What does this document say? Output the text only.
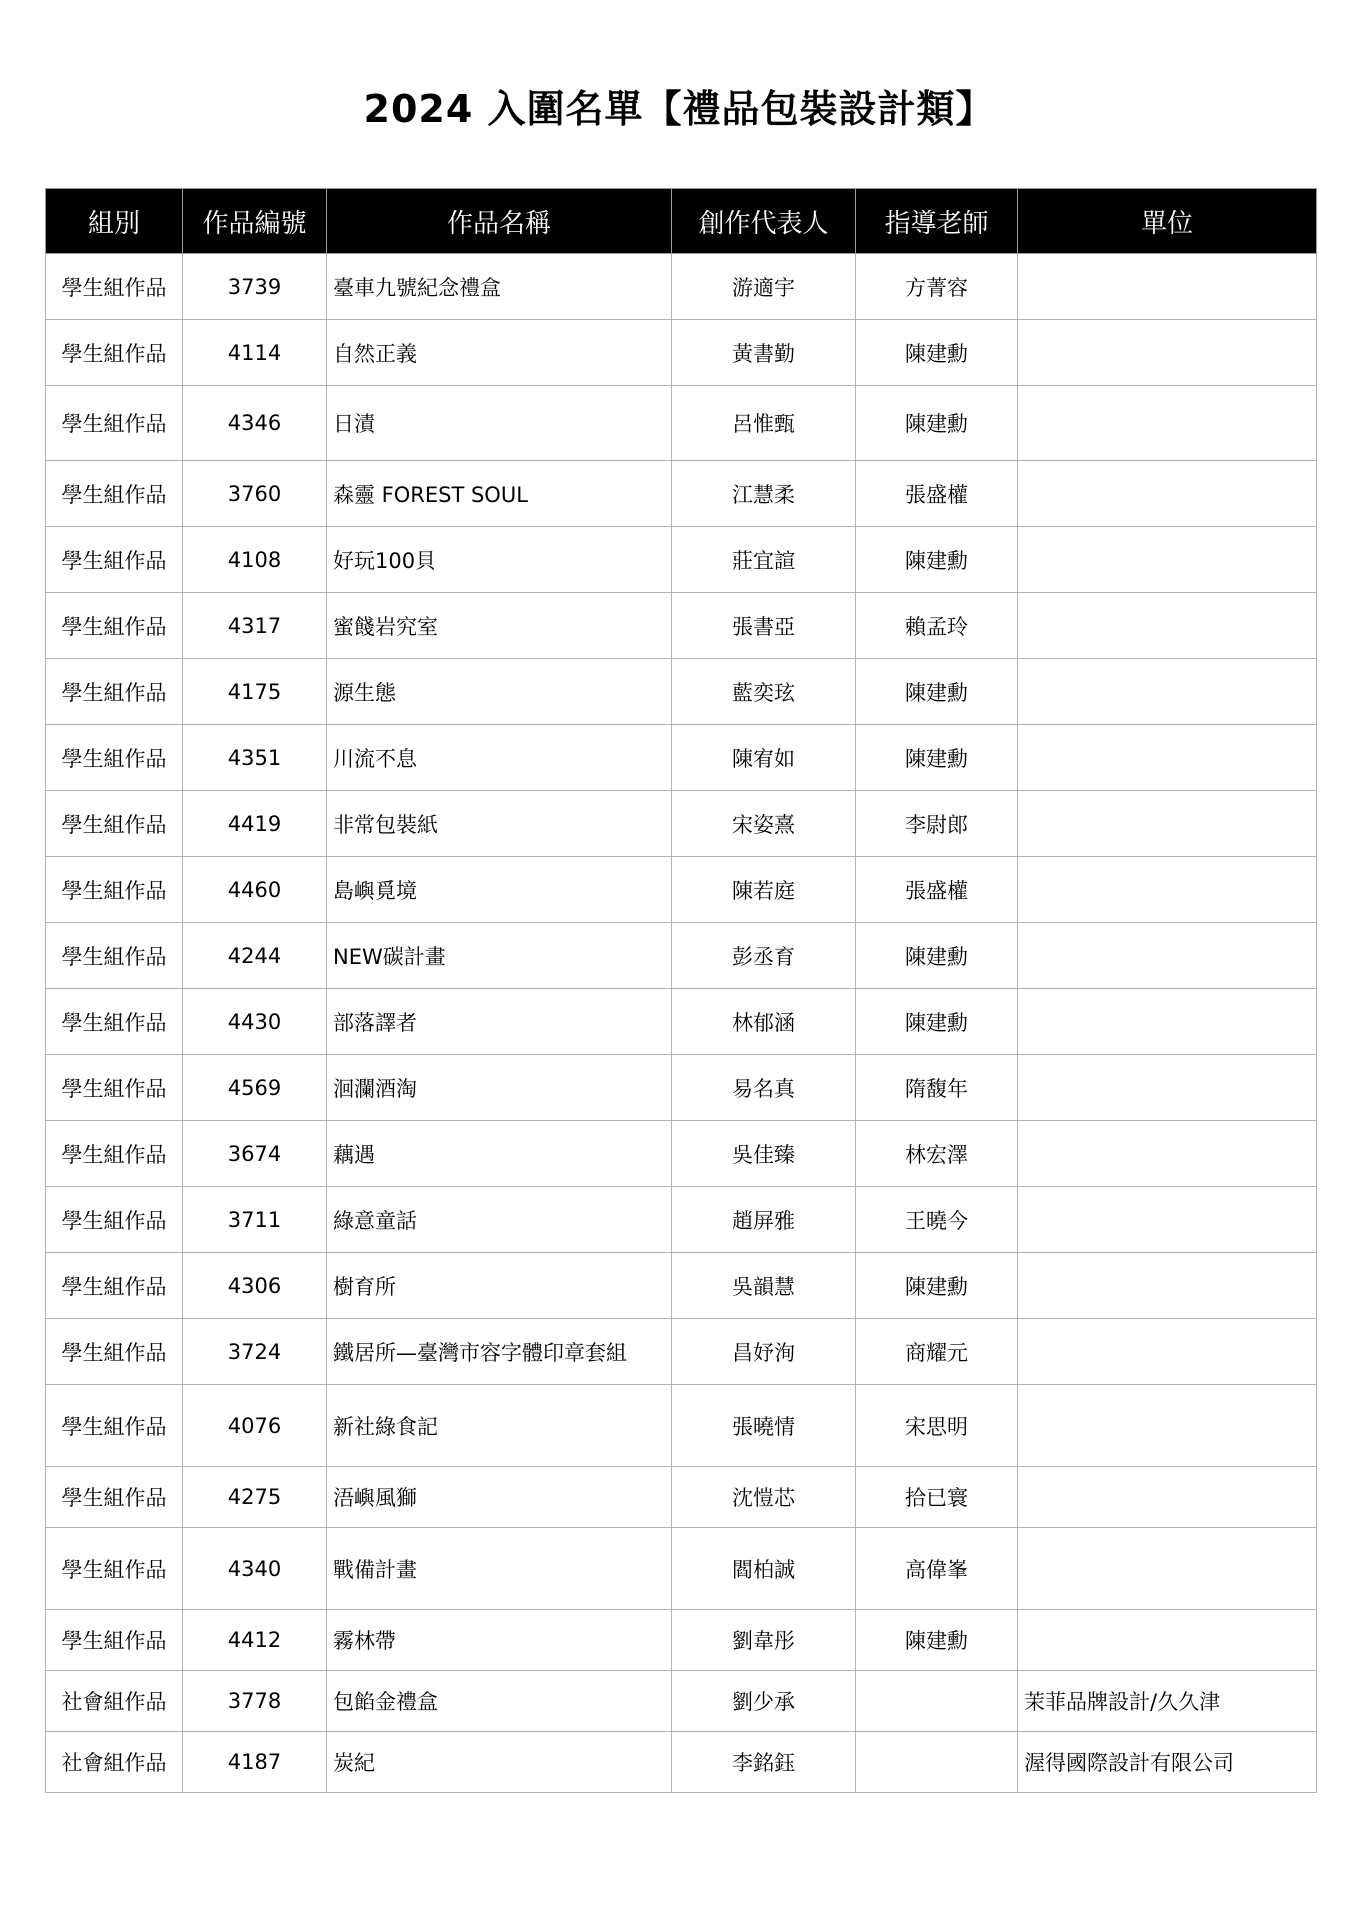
2024 入圍名單【禮品包裝設計類】
組別	作品編號	作品名稱	創作代表人	指導老師	單位
學生組作品	3739	臺車九號紀念禮盒	游適宇	方菁容	
學生組作品	4114	自然正義	黃書勤	陳建勳	
學生組作品	4346	日漬	呂惟甄	陳建勳	
學生組作品	3760	森靈 FOREST SOUL	江慧柔	張盛權	
學生組作品	4108	好玩100貝	莊宜諠	陳建勳	
學生組作品	4317	蜜餞岩究室	張書亞	賴孟玲	
學生組作品	4175	源生態	藍奕玹	陳建勳	
學生組作品	4351	川流不息	陳宥如	陳建勳	
學生組作品	4419	非常包裝紙	宋姿熹	李尉郎	
學生組作品	4460	島嶼覓境	陳若庭	張盛權	
學生組作品	4244	NEW碳計畫	彭丞育	陳建勳	
學生組作品	4430	部落譯者	林郁涵	陳建勳	
學生組作品	4569	洄瀾酒淘	易名真	隋馥年	
學生組作品	3674	藕遇	吳佳臻	林宏澤	
學生組作品	3711	綠意童話	趙屏雅	王曉今	
學生組作品	4306	樹育所	吳韻慧	陳建勳	
學生組作品	3724	鐵居所—臺灣市容字體印章套組	昌妤洵	商耀元	
學生組作品	4076	新社綠食記	張曉情	宋思明	
學生組作品	4275	浯嶼風獅	沈愷芯	拾已寰	
學生組作品	4340	戰備計畫	閻柏誠	高偉峯	
學生組作品	4412	霧林帶	劉韋彤	陳建勳	
社會組作品	3778	包餡金禮盒	劉少承		茉菲品牌設計/久久津
社會組作品	4187	炭紀	李銘鈺		渥得國際設計有限公司
